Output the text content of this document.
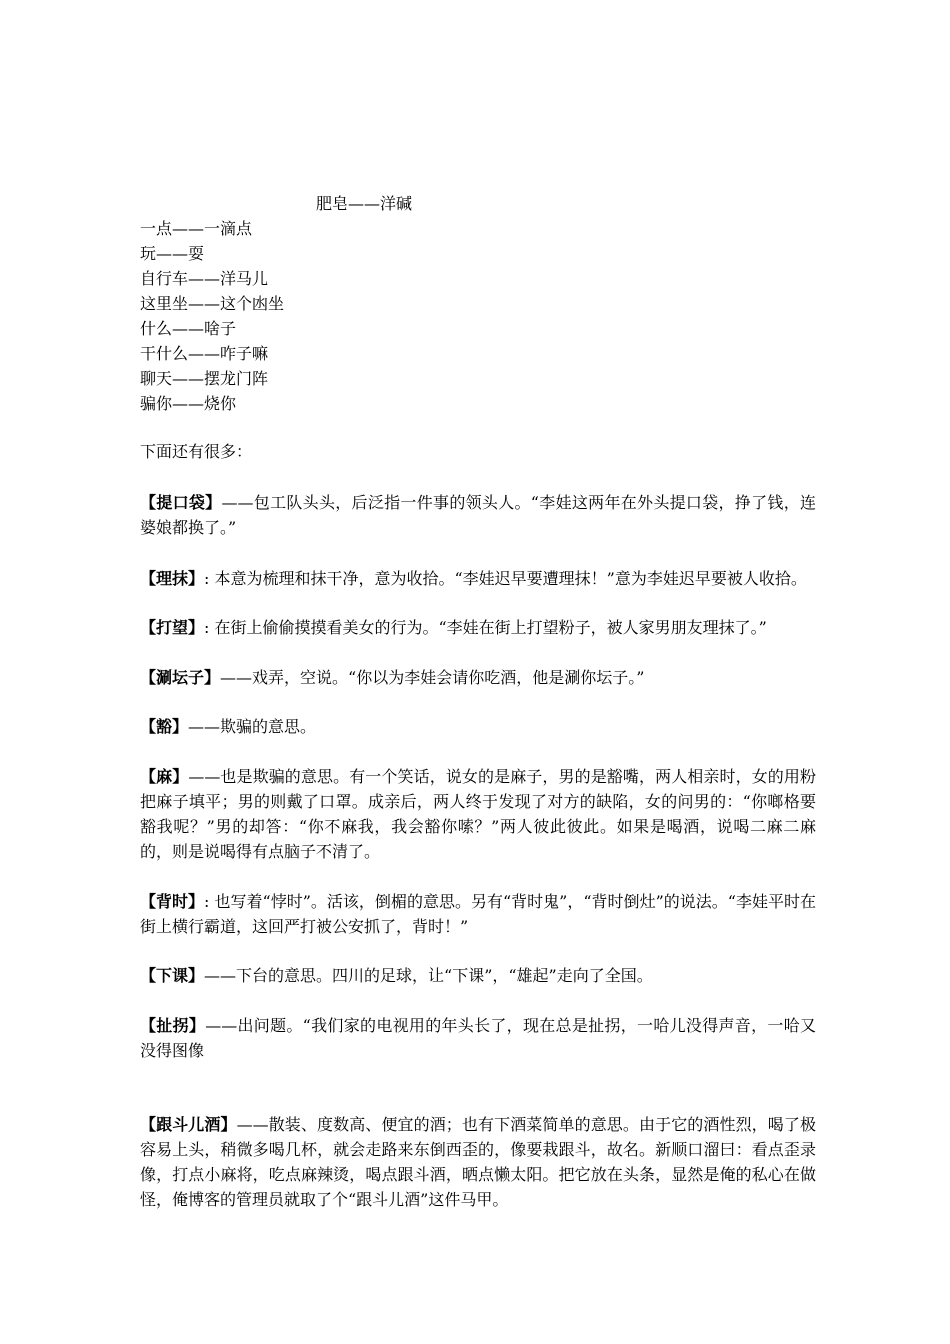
肥皂——洋碱
一点——一滴点
玩——耍
自行车——洋马儿
这里坐——这个凼坐
什么——啥子
干什么——咋子嘛
聊天——摆龙门阵
骗你——烧你
下面还有很多：

【提口袋】——包工队头头，后泛指一件事的领头人。“李娃这两年在外头提口袋，挣了钱，连婆娘都换了。”

【理抹】: 本意为梳理和抹干净，意为收拾。“李娃迟早要遭理抹！”意为李娃迟早要被人收拾。

【打望】: 在街上偷偷摸摸看美女的行为。“李娃在街上打望粉子，被人家男朋友理抹了。”

【涮坛子】——戏弄，空说。“你以为李娃会请你吃酒，他是涮你坛子。”

【豁】——欺骗的意思。

【麻】——也是欺骗的意思。有一个笑话，说女的是麻子，男的是豁嘴，两人相亲时，女的用粉把麻子填平；男的则戴了口罩。成亲后，两人终于发现了对方的缺陷，女的问男的：“你啷格要豁我呢？”男的却答：“你不麻我，我会豁你嗦？”两人彼此彼此。如果是喝酒，说喝二麻二麻的，则是说喝得有点脑子不清了。

【背时】: 也写着“悖时”。活该，倒楣的意思。另有“背时鬼”，“背时倒灶”的说法。“李娃平时在街上横行霸道，这回严打被公安抓了，背时！”

【下课】——下台的意思。四川的足球，让“下课”，“雄起”走向了全国。

【扯拐】——出问题。“我们家的电视用的年头长了，现在总是扯拐，一哈儿没得声音，一哈又没得图像

【跟斗儿酒】——散装、度数高、便宜的酒；也有下酒菜简单的意思。由于它的酒性烈，喝了极容易上头，稍微多喝几杯，就会走路来东倒西歪的，像要栽跟斗，故名。新顺口溜曰：看点歪录像，打点小麻将，吃点麻辣烫，喝点跟斗酒，晒点懒太阳。把它放在头条，显然是俺的私心在做怪，俺博客的管理员就取了个“跟斗儿酒”这件马甲。
